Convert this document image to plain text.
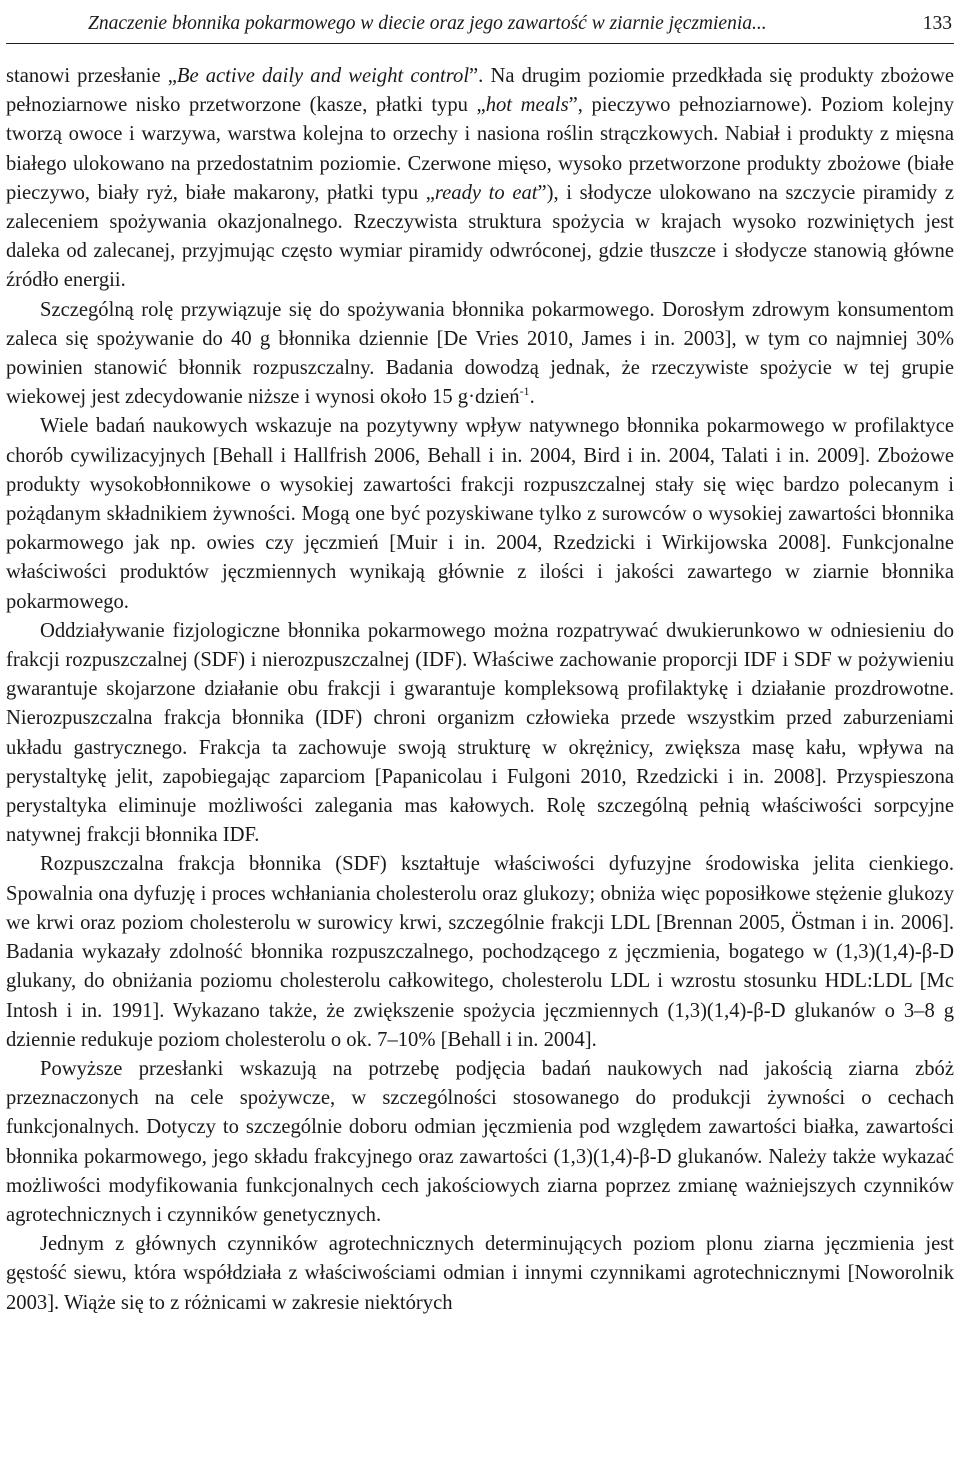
Znaczenie błonnika pokarmowego w diecie oraz jego zawartość w ziarnie jęczmienia...	133

stanowi przesłanie „Be active daily and weight control”. Na drugim poziomie przedkłada się produkty zbożowe pełnoziarnowe nisko przetworzone (kasze, płatki typu „hot meals”, pieczywo pełnoziarnowe). Poziom kolejny tworzą owoce i warzywa, warstwa kolejna to orzechy i nasiona roślin strączkowych. Nabiał i produkty z mięsna białego ulokowano na przedostatnim poziomie. Czerwone mięso, wysoko przetworzone produkty zbożowe (białe pieczywo, biały ryż, białe makarony, płatki typu „ready to eat”), i słodycze ulokowano na szczycie piramidy z zaleceniem spożywania okazjonalnego. Rzeczywista struktura spożycia w krajach wysoko rozwiniętych jest daleka od zalecanej, przyjmując często wymiar piramidy odwróconej, gdzie tłuszcze i słodycze stanowią główne źródło energii.

Szczególną rolę przywiązuje się do spożywania błonnika pokarmowego. Dorosłym zdrowym konsumentom zaleca się spożywanie do 40 g błonnika dziennie [De Vries 2010, James i in. 2003], w tym co najmniej 30% powinien stanowić błonnik rozpuszczalny. Badania dowodzą jednak, że rzeczywiste spożycie w tej grupie wiekowej jest zdecydowanie niższe i wynosi około 15 g·dzień$^{-1}$.

Wiele badań naukowych wskazuje na pozytywny wpływ natywnego błonnika pokarmowego w profilaktyce chorób cywilizacyjnych [Behall i Hallfrish 2006, Behall i in. 2004, Bird i in. 2004, Talati i in. 2009]. Zbożowe produkty wysokobłonnikowe o wysokiej zawartości frakcji rozpuszczalnej stały się więc bardzo polecanym i pożądanym składnikiem żywności. Mogą one być pozyskiwane tylko z surowców o wysokiej zawartości błonnika pokarmowego jak np. owies czy jęczmień [Muir i in. 2004, Rzedzicki i Wirkijowska 2008]. Funkcjonalne właściwości produktów jęczmiennych wynikają głównie z ilości i jakości zawartego w ziarnie błonnika pokarmowego.

Oddziaływanie fizjologiczne błonnika pokarmowego można rozpatrywać dwukierunkowo w odniesieniu do frakcji rozpuszczalnej (SDF) i nierozpuszczalnej (IDF). Właściwe zachowanie proporcji IDF i SDF w pożywieniu gwarantuje skojarzone działanie obu frakcji i gwarantuje kompleksową profilaktykę i działanie prozdrowotne. Nierozpuszczalna frakcja błonnika (IDF) chroni organizm człowieka przede wszystkim przed zaburzeniami układu gastrycznego. Frakcja ta zachowuje swoją strukturę w okrężnicy, zwiększa masę kału, wpływa na perystaltykę jelit, zapobiegając zaparciom [Papanicolau i Fulgoni 2010, Rzedzicki i in. 2008]. Przyspieszona perystaltyka eliminuje możliwości zalegania mas kałowych. Rolę szczególną pełnią właściwości sorpcyjne natywnej frakcji błonnika IDF.

Rozpuszczalna frakcja błonnika (SDF) kształtuje właściwości dyfuzyjne środowiska jelita cienkiego. Spowalnia ona dyfuzję i proces wchłaniania cholesterolu oraz glukozy; obniża więc poposiłkowe stężenie glukozy we krwi oraz poziom cholesterolu w surowicy krwi, szczególnie frakcji LDL [Brennan 2005, Östman i in. 2006]. Badania wykazały zdolność błonnika rozpuszczalnego, pochodzącego z jęczmienia, bogatego w (1,3)(1,4)-β-D glukany, do obniżania poziomu cholesterolu całkowitego, cholesterolu LDL i wzrostu stosunku HDL:LDL [Mc Intosh i in. 1991]. Wykazano także, że zwiększenie spożycia jęczmiennych (1,3)(1,4)-β-D glukanów o 3–8 g dziennie redukuje poziom cholesterolu o ok. 7–10% [Behall i in. 2004].

Powyższe przesłanki wskazują na potrzebę podjęcia badań naukowych nad jakością ziarna zbóż przeznaczonych na cele spożywcze, w szczególności stosowanego do produkcji żywności o cechach funkcjonalnych. Dotyczy to szczególnie doboru odmian jęczmienia pod względem zawartości białka, zawartości błonnika pokarmowego, jego składu frakcyjnego oraz zawartości (1,3)(1,4)-β-D glukanów. Należy także wykazać możliwości modyfikowania funkcjonalnych cech jakościowych ziarna poprzez zmianę ważniejszych czynników agrotechnicznych i czynników genetycznych.

Jednym z głównych czynników agrotechnicznych determinujących poziom plonu ziarna jęczmienia jest gęstość siewu, która współdziała z właściwościami odmian i innymi czynnikami agrotechnicznymi [Noworolnik 2003]. Wiąże się to z różnicami w zakresie niektórych
